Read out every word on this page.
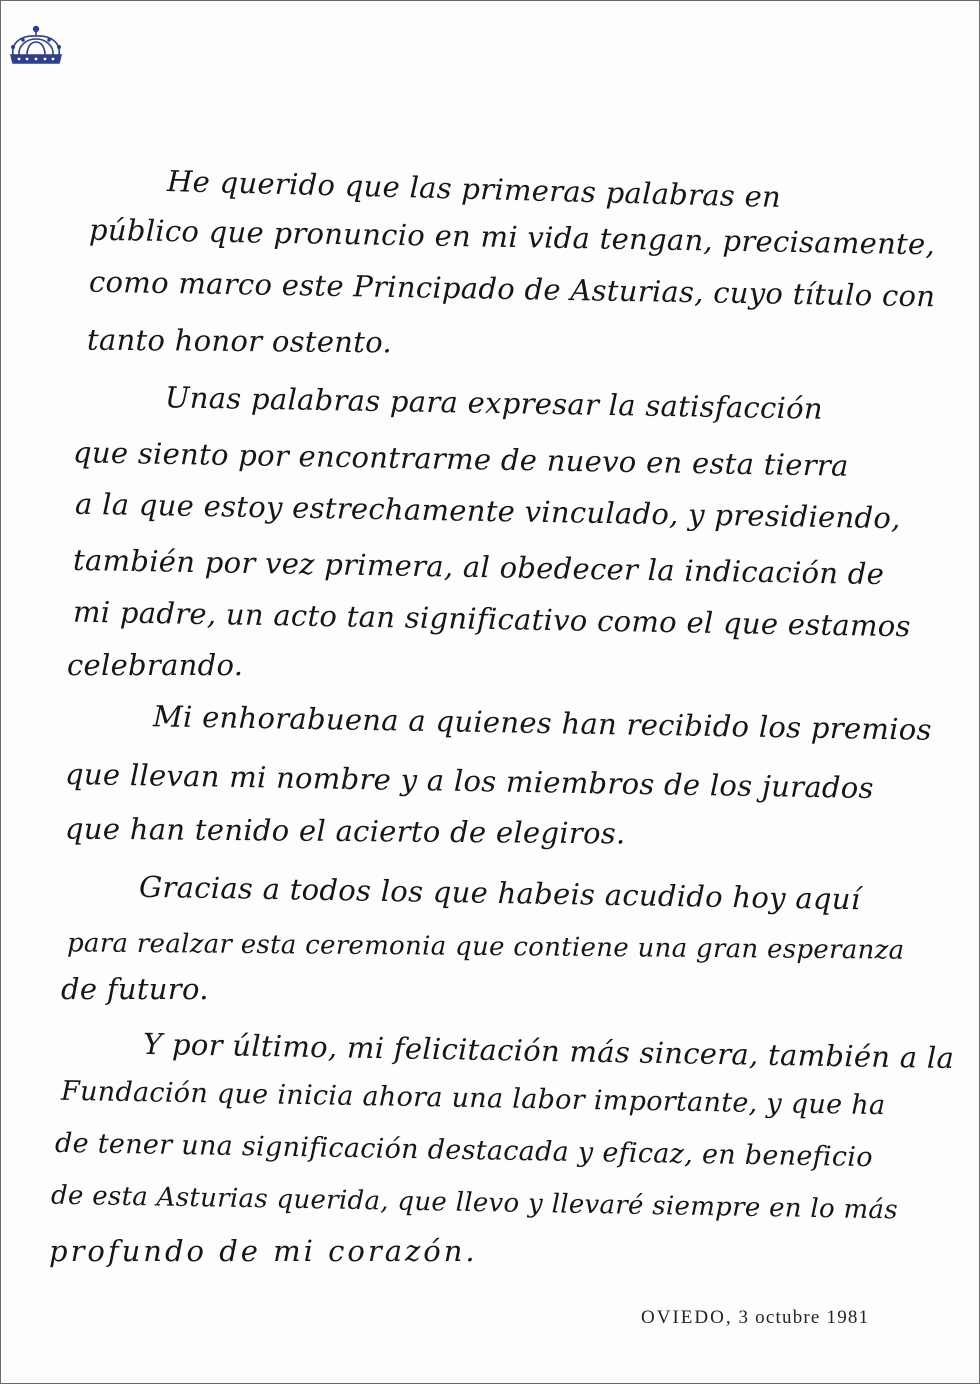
He querido que las primeras palabras en
público que pronuncio en mi vida tengan, precisamente,
como marco este Principado de Asturias, cuyo título con
tanto honor ostento.
Unas palabras para expresar la satisfacción
que siento por encontrarme de nuevo en esta tierra
a la que estoy estrechamente vinculado, y presidiendo,
también por vez primera, al obedecer la indicación de
mi padre, un acto tan significativo como el que estamos
celebrando.
Mi enhorabuena a quienes han recibido los premios
que llevan mi nombre y a los miembros de los jurados
que han tenido el acierto de elegiros.
Gracias a todos los que habeis acudido hoy aquí
para realzar esta ceremonia que contiene una gran esperanza
de futuro.
Y por último, mi felicitación más sincera, también a la
Fundación que inicia ahora una labor importante, y que ha
de tener una significación destacada y eficaz, en beneficio
de esta Asturias querida, que llevo y llevaré siempre en lo más
profundo de mi corazón.
OVIEDO, 3 octubre 1981
